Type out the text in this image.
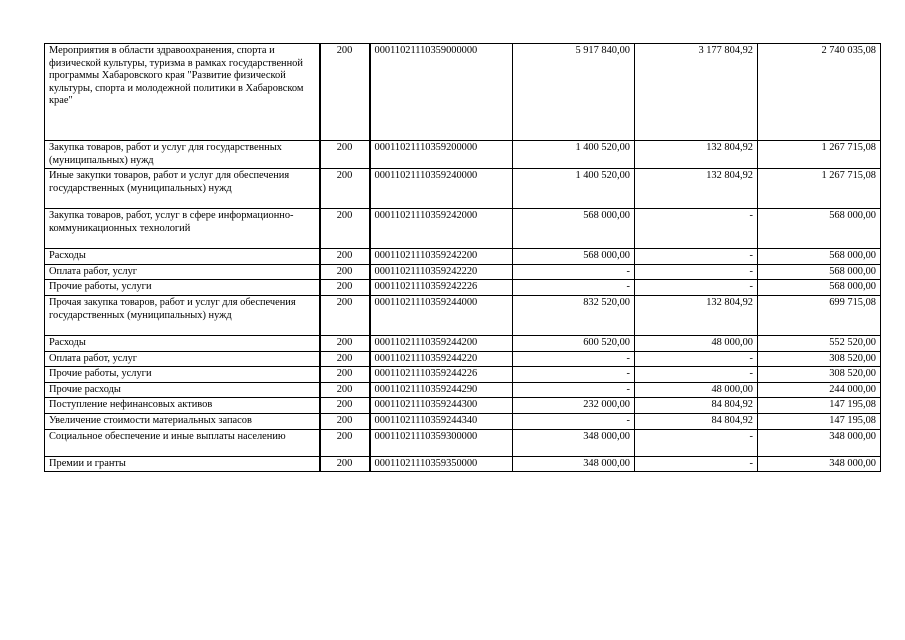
Мероприятия в области здравоохранения, спорта и физической культуры, туризма в рамках государственной программы Хабаровского края "Развитие физической культуры, спорта и молодежной политики в Хабаровском крае"	200	00011021110359000000	5 917 840,00	3 177 804,92	2 740 035,08
Закупка товаров, работ и услуг для государственных (муниципальных) нужд	200	00011021110359200000	1 400 520,00	132 804,92	1 267 715,08
Иные закупки товаров, работ и услуг для обеспечения государственных (муниципальных) нужд	200	00011021110359240000	1 400 520,00	132 804,92	1 267 715,08
Закупка товаров, работ, услуг в сфере информационно-коммуникационных технологий	200	00011021110359242000	568 000,00	-	568 000,00
Расходы	200	00011021110359242200	568 000,00	-	568 000,00
Оплата работ, услуг	200	00011021110359242220	-	-	568 000,00
Прочие работы, услуги	200	00011021110359242226	-	-	568 000,00
Прочая закупка товаров, работ и услуг для обеспечения государственных (муниципальных) нужд	200	00011021110359244000	832 520,00	132 804,92	699 715,08
Расходы	200	00011021110359244200	600 520,00	48 000,00	552 520,00
Оплата работ, услуг	200	00011021110359244220	-	-	308 520,00
Прочие работы, услуги	200	00011021110359244226	-	-	308 520,00
Прочие расходы	200	00011021110359244290	-	48 000,00	244 000,00
Поступление нефинансовых активов	200	00011021110359244300	232 000,00	84 804,92	147 195,08
Увеличение стоимости материальных запасов	200	00011021110359244340	-	84 804,92	147 195,08
Социальное обеспечение и иные выплаты населению	200	00011021110359300000	348 000,00	-	348 000,00
Премии и гранты	200	00011021110359350000	348 000,00	-	348 000,00
